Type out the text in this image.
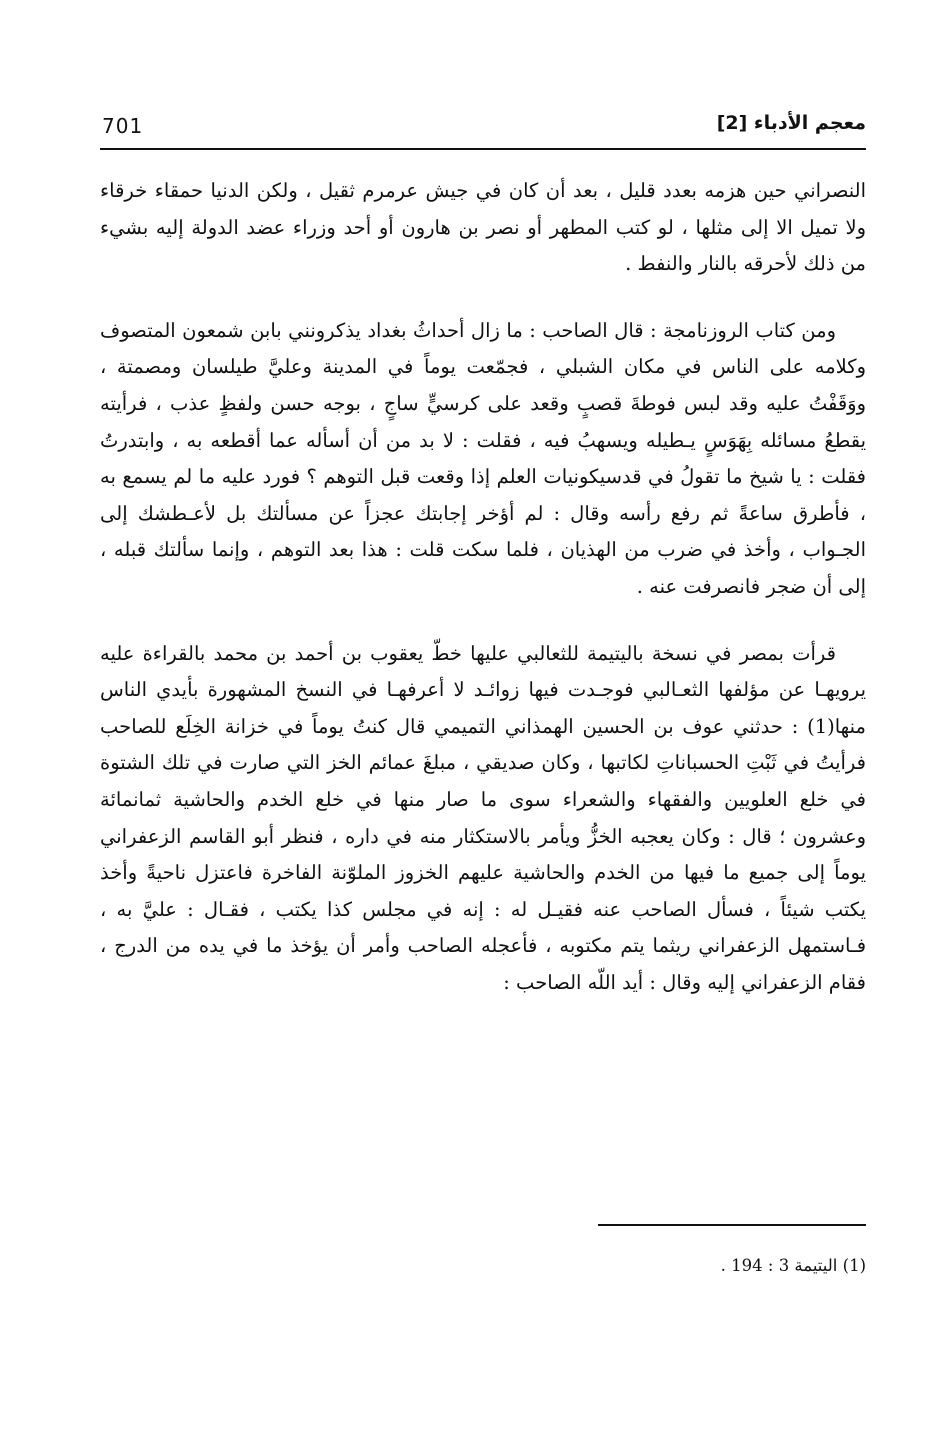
معجم الأدباء [2]
701

النصراني حين هزمه بعدد قليل ، بعد أن كان في جيش عرمرم ثقيل ، ولكن الدنيا حمقاء خرقاء ولا تميل الا إلى مثلها ، لو كتب المطهر أو نصر بن هارون أو أحد وزراء عضد الدولة إليه بشيء من ذلك لأحرقه بالنار والنفط .

ومن كتاب الروزنامجة : قال الصاحب : ما زال أحداثُ بغداد يذكرونني بابن شمعون المتصوف وكلامه على الناس في مكان الشبلي ، فجمّعت يوماً في المدينة وعليَّ طيلسان ومصمتة ، ووَقَفْتُ عليه وقد لبس فوطةَ قصبٍ وقعد على كرسيٍّ ساجٍ ، بوجه حسن ولفظٍ عذب ، فرأيته يقطعُ مسائله بِهَوَسٍ يـطيله ويسهبُ فيه ، فقلت : لا بد من أن أسأله عما أقطعه به ، وابتدرتُ فقلت : يا شيخ ما تقولُ في قدسيكونيات العلم إذا وقعت قبل التوهم ؟ فورد عليه ما لم يسمع به ، فأطرق ساعةً ثم رفع رأسه وقال : لم أؤخر إجابتك عجزاً عن مسألتك بل لأعـطشك إلى الجـواب ، وأخذ في ضرب من الهذيان ، فلما سكت قلت : هذا بعد التوهم ، وإنما سألتك قبله ، إلى أن ضجر فانصرفت عنه .

قرأت بمصر في نسخة باليتيمة للثعالبي عليها خطّ يعقوب بن أحمد بن محمد بالقراءة عليه يرويهـا عن مؤلفها الثعـالبي فوجـدت فيها زوائـد لا أعرفهـا في النسخ المشهورة بأيدي الناس منها(1) : حدثني عوف بن الحسين الهمذاني التميمي قال كنتُ يوماً في خزانة الخِلَع للصاحب فرأيتُ في ثَبْتِ الحسباناتِ لكاتبها ، وكان صديقي ، مبلغَ عمائم الخز التي صارت في تلك الشتوة في خلع العلويين والفقهاء والشعراء سوى ما صار منها في خلع الخدم والحاشية ثمانمائة وعشرون ؛ قال : وكان يعجبه الخزُّ ويأمر بالاستكثار منه في داره ، فنظر أبو القاسم الزعفراني يوماً إلى جميع ما فيها من الخدم والحاشية عليهم الخزوز الملوّنة الفاخرة فاعتزل ناحيةً وأخذ يكتب شيئاً ، فسأل الصاحب عنه فقيـل له : إنه في مجلس كذا يكتب ، فقـال : عليَّ به ، فـاستمهل الزعفراني ريثما يتم مكتوبه ، فأعجله الصاحب وأمر أن يؤخذ ما في يده من الدرج ، فقام الزعفراني إليه وقال : أيد اللّه الصاحب :

(1) اليتيمة 3 : 194 .
